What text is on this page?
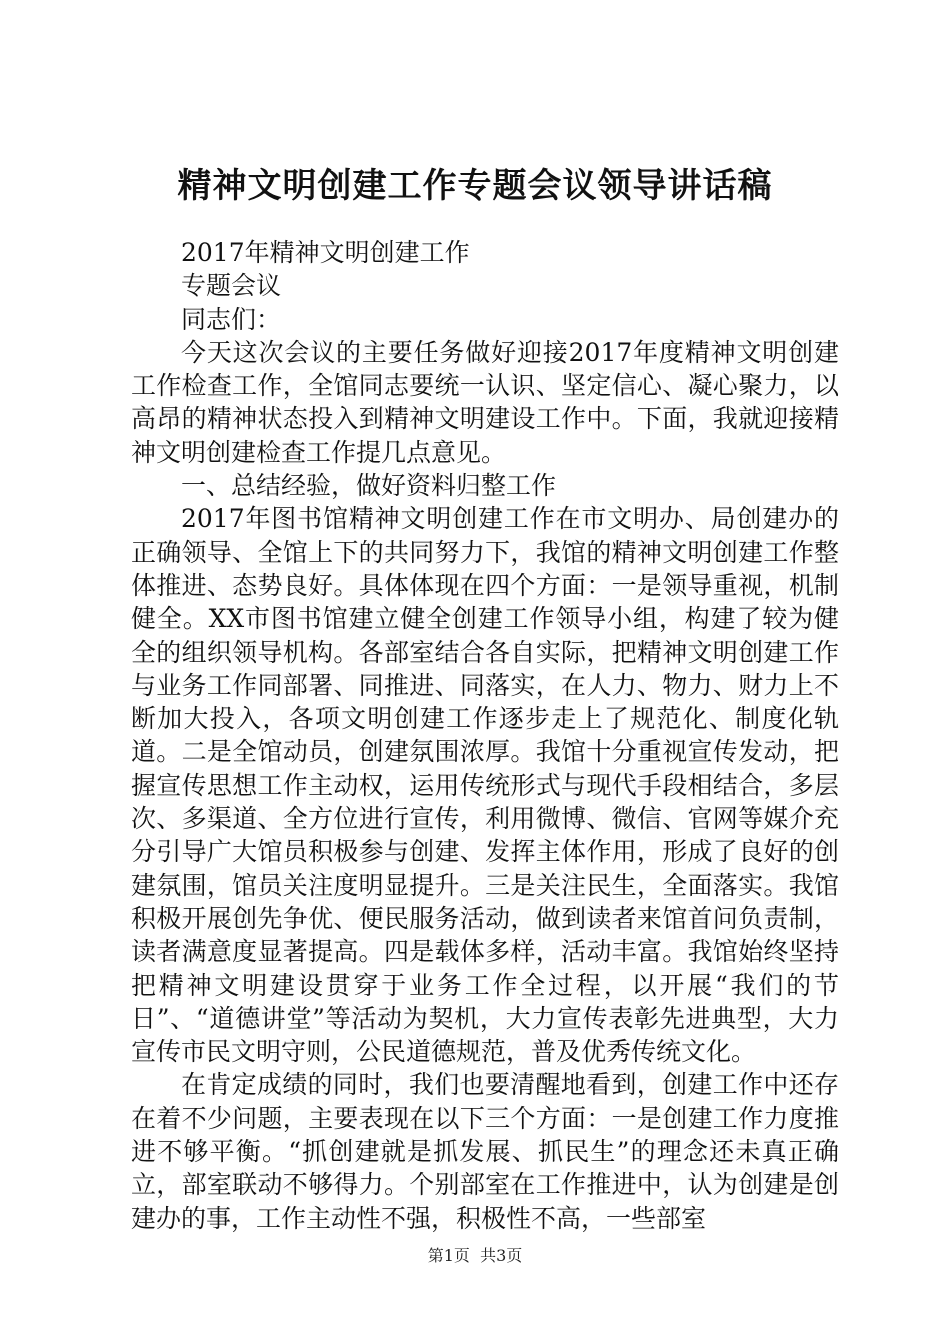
精神文明创建工作专题会议领导讲话稿

2017年精神文明创建工作

专题会议

同志们：

今天这次会议的主要任务做好迎接2017年度精神文明创建工作检查工作，全馆同志要统一认识、坚定信心、凝心聚力，以高昂的精神状态投入到精神文明建设工作中。下面，我就迎接精神文明创建检查工作提几点意见。

一、总结经验，做好资料归整工作

2017年图书馆精神文明创建工作在市文明办、局创建办的正确领导、全馆上下的共同努力下，我馆的精神文明创建工作整体推进、态势良好。具体体现在四个方面：一是领导重视，机制健全。XX市图书馆建立健全创建工作领导小组，构建了较为健全的组织领导机构。各部室结合各自实际，把精神文明创建工作与业务工作同部署、同推进、同落实，在人力、物力、财力上不断加大投入，各项文明创建工作逐步走上了规范化、制度化轨道。二是全馆动员，创建氛围浓厚。我馆十分重视宣传发动，把握宣传思想工作主动权，运用传统形式与现代手段相结合，多层次、多渠道、全方位进行宣传，利用微博、微信、官网等媒介充分引导广大馆员积极参与创建、发挥主体作用，形成了良好的创建氛围，馆员关注度明显提升。三是关注民生，全面落实。我馆积极开展创先争优、便民服务活动，做到读者来馆首问负责制，读者满意度显著提高。四是载体多样，活动丰富。我馆始终坚持把精神文明建设贯穿于业务工作全过程，以开展“我们的节日”、“道德讲堂”等活动为契机，大力宣传表彰先进典型，大力宣传市民文明守则，公民道德规范，普及优秀传统文化。

在肯定成绩的同时，我们也要清醒地看到，创建工作中还存在着不少问题，主要表现在以下三个方面：一是创建工作力度推进不够平衡。“抓创建就是抓发展、抓民生”的理念还未真正确立，部室联动不够得力。个别部室在工作推进中，认为创建是创建办的事，工作主动性不强，积极性不高，一些部室

第1页  共3页
